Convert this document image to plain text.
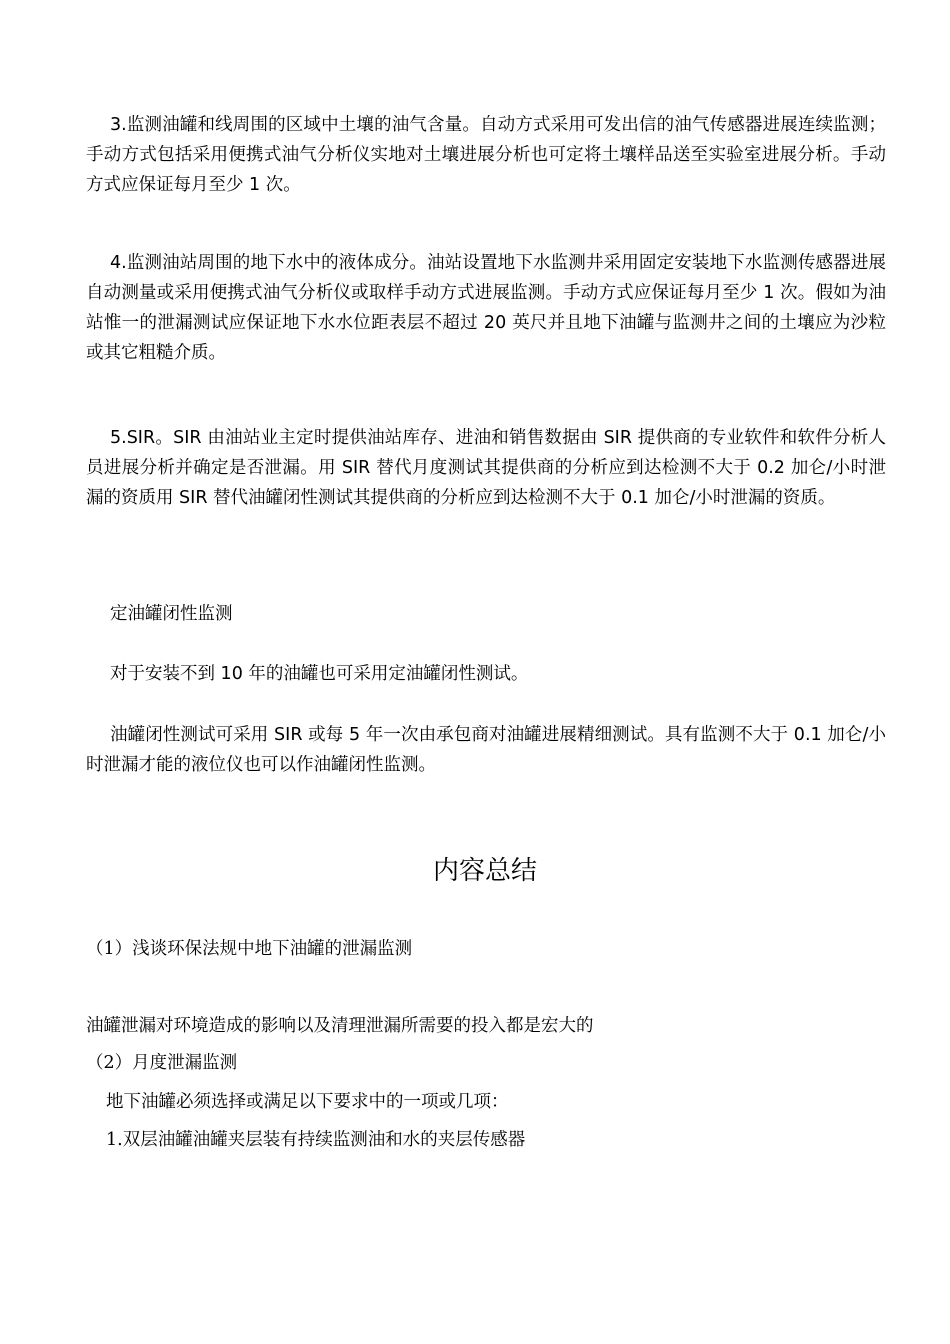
3.监测油罐和线周围的区域中土壤的油气含量。自动方式采用可发出信的油气传感器进展连续监测；手动方式包括采用便携式油气分析仪实地对土壤进展分析也可定将土壤样品送至实验室进展分析。手动方式应保证每月至少 1 次。

4.监测油站周围的地下水中的液体成分。油站设置地下水监测井采用固定安装地下水监测传感器进展自动测量或采用便携式油气分析仪或取样手动方式进展监测。手动方式应保证每月至少 1 次。假如为油站惟一的泄漏测试应保证地下水水位距表层不超过 20 英尺并且地下油罐与监测井之间的土壤应为沙粒或其它粗糙介质。

5.SIR。SIR 由油站业主定时提供油站库存、进油和销售数据由 SIR 提供商的专业软件和软件分析人员进展分析并确定是否泄漏。用 SIR 替代月度测试其提供商的分析应到达检测不大于 0.2 加仑/小时泄漏的资质用 SIR 替代油罐闭性测试其提供商的分析应到达检测不大于 0.1 加仑/小时泄漏的资质。

定油罐闭性监测

对于安装不到 10 年的油罐也可采用定油罐闭性测试。

油罐闭性测试可采用 SIR 或每 5 年一次由承包商对油罐进展精细测试。具有监测不大于 0.1 加仑/小时泄漏才能的液位仪也可以作油罐闭性监测。

内容总结

（1）浅谈环保法规中地下油罐的泄漏监测

油罐泄漏对环境造成的影响以及清理泄漏所需要的投入都是宏大的

（2）月度泄漏监测

地下油罐必须选择或满足以下要求中的一项或几项：

1.双层油罐油罐夹层装有持续监测油和水的夹层传感器
